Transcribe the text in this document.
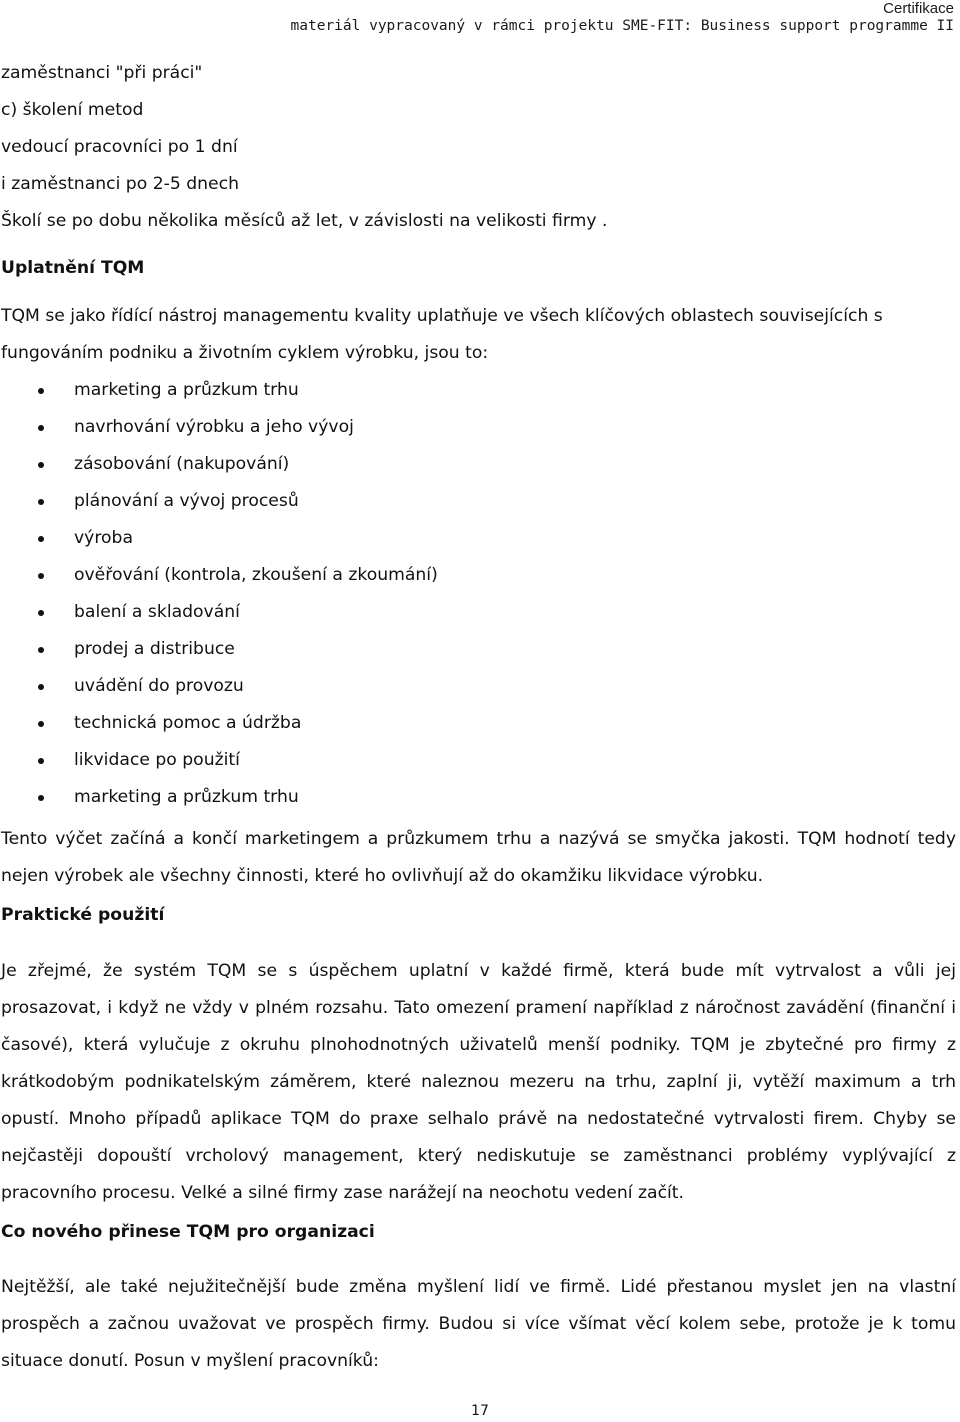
Certifikace
materiál vypracovaný v rámci projektu SME-FIT: Business support programme II
zaměstnanci "při práci"
c) školení metod
vedoucí pracovníci po 1 dní
i zaměstnanci po 2-5 dnech
Školí se po dobu několika měsíců až let, v závislosti na velikosti firmy .
Uplatnění TQM
TQM se jako řídící nástroj managementu kvality uplatňuje ve všech klíčových oblastech souvisejících s
fungováním podniku a životním cyklem výrobku, jsou to:
marketing a průzkum trhu
navrhování výrobku a jeho vývoj
zásobování (nakupování)
plánování a vývoj procesů
výroba
ověřování (kontrola, zkoušení a zkoumání)
balení a skladování
prodej a distribuce
uvádění do provozu
technická pomoc a údržba
likvidace po použití
marketing a průzkum trhu

Tento výčet začíná a končí marketingem a průzkumem trhu a nazývá se smyčka jakosti. TQM hodnotí tedy nejen výrobek ale všechny činnosti, které ho ovlivňují až do okamžiku likvidace výrobku.

Praktické použití

Je zřejmé, že systém TQM se s úspěchem uplatní v každé firmě, která bude mít vytrvalost a vůli jej prosazovat, i když ne vždy v plném rozsahu. Tato omezení pramení například z náročnost zavádění (finanční i časové), která vylučuje z okruhu plnohodnotných uživatelů menší podniky. TQM je zbytečné pro firmy z krátkodobým podnikatelským záměrem, které naleznou mezeru na trhu, zaplní ji, vytěží maximum a trh opustí. Mnoho případů aplikace TQM do praxe selhalo právě na nedostatečné vytrvalosti firem. Chyby se nejčastěji dopouští vrcholový management, který nediskutuje se zaměstnanci problémy vyplývající z pracovního procesu. Velké a silné firmy zase narážejí na neochotu vedení začít.

Co nového přinese TQM pro organizaci

Nejtěžší, ale také nejužitečnější bude změna myšlení lidí ve firmě. Lidé přestanou myslet jen na vlastní prospěch a začnou uvažovat ve prospěch firmy. Budou si více všímat věcí kolem sebe, protože je k tomu situace donutí. Posun v myšlení pracovníků:

17
